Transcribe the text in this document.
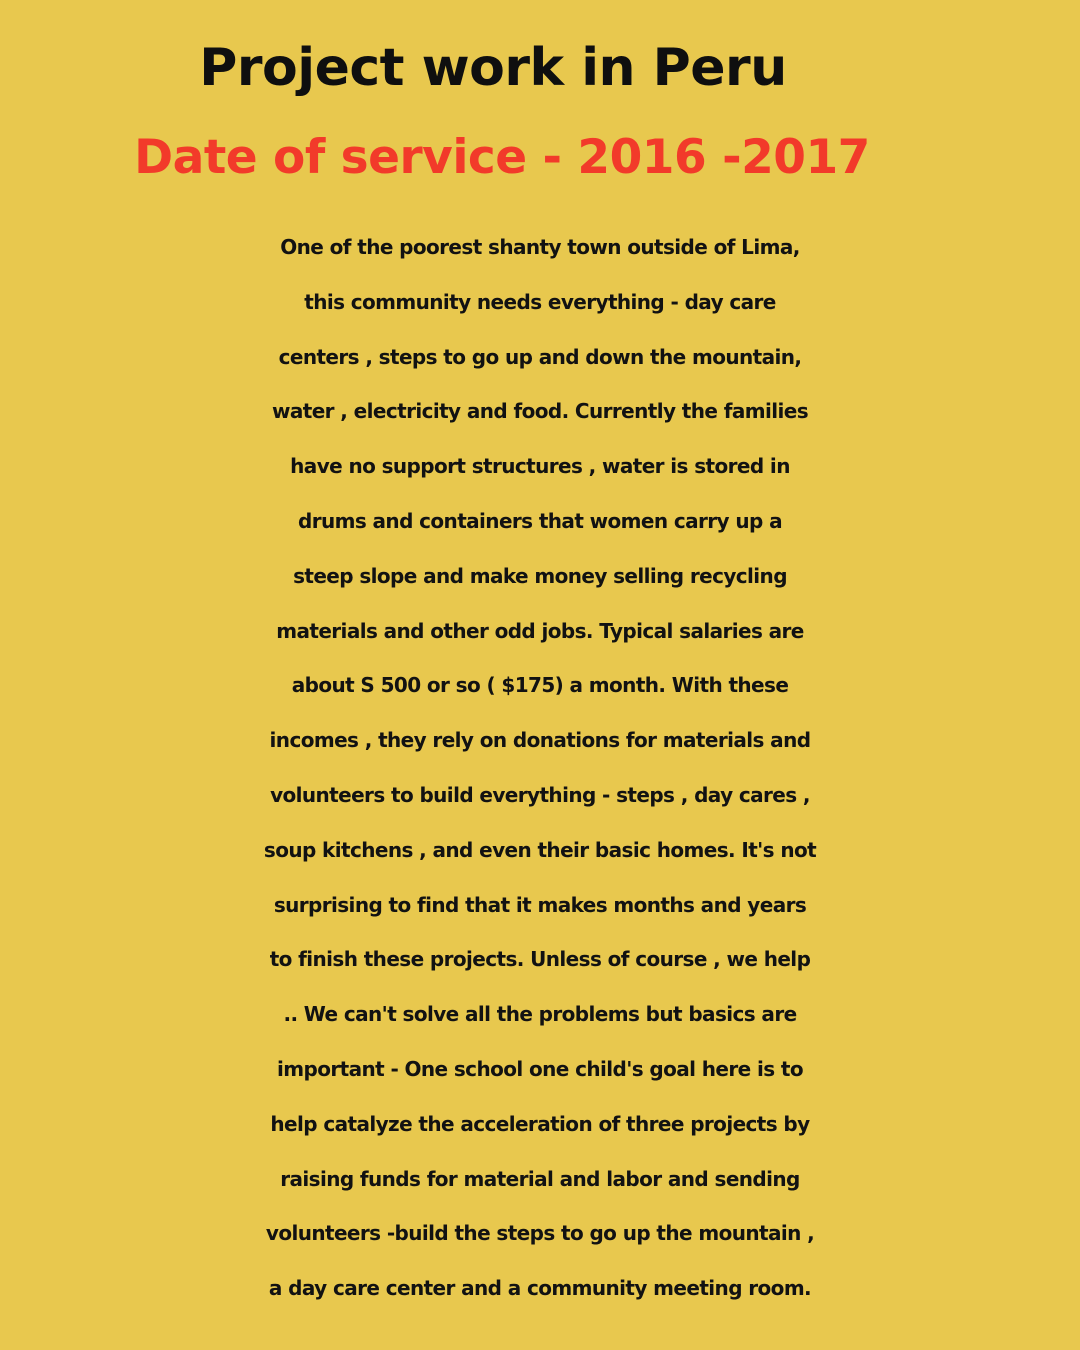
Project work in Peru
Date of service - 2016 -2017
One of the poorest shanty town outside of Lima,
this community needs everything - day care
centers , steps to go up and down the mountain,
water , electricity and food. Currently the families
have no support structures , water is stored in
drums and containers that women carry up a
steep slope and make money selling recycling
materials and other odd jobs. Typical salaries are
about S 500 or so ( $175) a month. With these
incomes , they rely on donations for materials and
volunteers to build everything - steps , day cares ,
soup kitchens , and even their basic homes. It's not
surprising to find that it makes months and years
to finish these projects. Unless of course , we help
.. We can't solve all the problems but basics are
important - One school one child's goal here is to
help catalyze the acceleration of three projects by
raising funds for material and labor and sending
volunteers -build the steps to go up the mountain ,
a day care center and a community meeting room.
